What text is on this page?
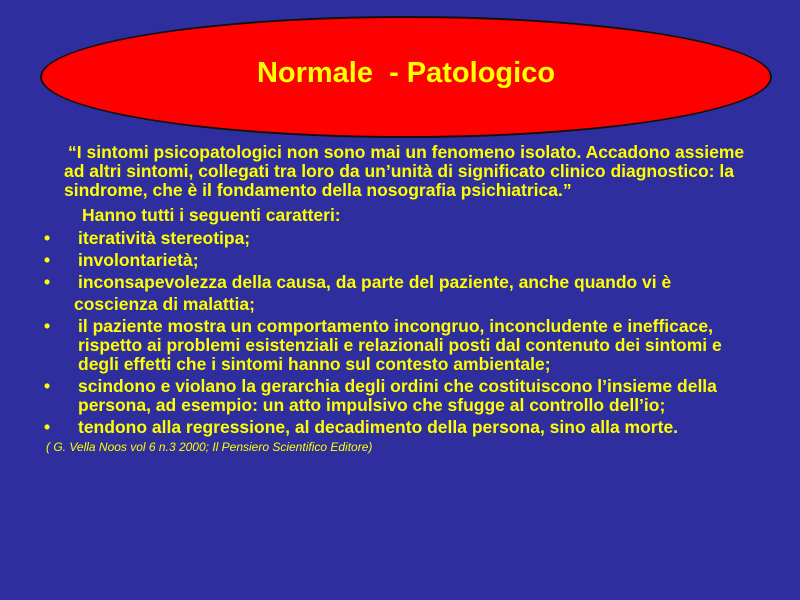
Normale  - Patologico
“I sintomi psicopatologici non sono mai un fenomeno isolato. Accadono assieme ad altri sintomi, collegati tra loro da un’unità di significato clinico diagnostico: la sindrome, che è il fondamento della nosografia psichiatrica.”
Hanno tutti i seguenti caratteri:
• iteratività stereotipa;
• involontarietà;
• inconsapevolezza della causa, da parte del paziente, anche quando vi è
coscienza di malattia;
• il paziente mostra un comportamento incongruo, inconcludente e inefficace, rispetto ai problemi esistenziali e relazionali posti dal contenuto dei sintomi e degli effetti che i sintomi hanno sul contesto ambientale;
• scindono e violano la gerarchia degli ordini che costituiscono l’insieme della persona, ad esempio: un atto impulsivo che sfugge al controllo dell’io;
• tendono alla regressione, al decadimento della persona, sino alla morte.
( G. Vella Noos vol 6 n.3 2000; Il Pensiero Scientifico Editore)
